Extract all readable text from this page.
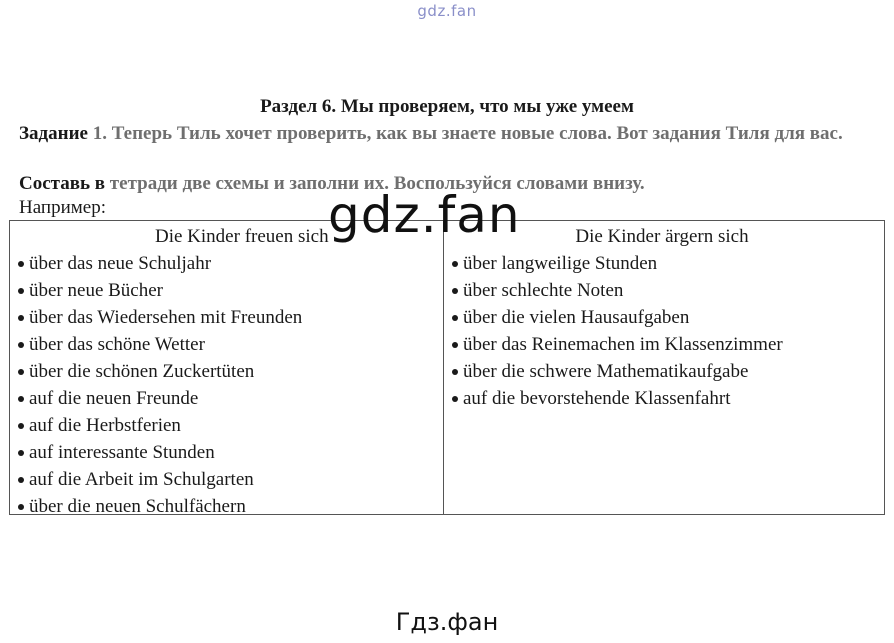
gdz.fan
Раздел 6. Мы проверяем, что мы уже умеем
Задание 1. Теперь Тиль хочет проверить, как вы знаете новые слова. Вот задания Тиля для вас.
Составь в тетради две схемы и заполни их. Воспользуйся словами внизу.
Например:
Die Kinder freuen sich
über das neue Schuljahr
über neue Bücher
über das Wiedersehen mit Freunden
über das schöne Wetter
über die schönen Zuckertüten
auf die neuen Freunde
auf die Herbstferien
auf interessante Stunden
auf die Arbeit im Schulgarten
über die neuen Schulfächern
Die Kinder ärgern sich
über langweilige Stunden
über schlechte Noten
über die vielen Hausaufgaben
über das Reinemachen im Klassenzimmer
über die schwere Mathematikaufgabe
auf die bevorstehende Klassenfahrt
gdz.fan
Гдз.фан
